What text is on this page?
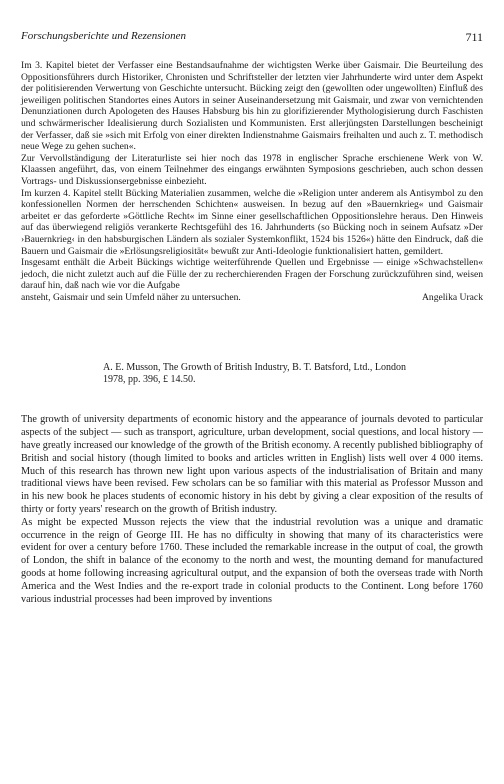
Forschungsberichte und Rezensionen	711

Im 3. Kapitel bietet der Verfasser eine Bestandsaufnahme der wichtigsten Werke über Gaismair. Die Beurteilung des Oppositionsführers durch Historiker, Chronisten und Schriftsteller der letzten vier Jahrhunderte wird unter dem Aspekt der politisierenden Verwertung von Geschichte untersucht. Bücking zeigt den (gewollten oder ungewollten) Einfluß des jeweiligen politischen Standortes eines Autors in seiner Auseinandersetzung mit Gaismair, und zwar von vernichtenden Denunziationen durch Apologeten des Hauses Habsburg bis hin zu glorifizierender Mythologisierung durch Faschisten und schwärmerischer Idealisierung durch Sozialisten und Kommunisten. Erst allerjüngsten Darstellungen bescheinigt der Verfasser, daß sie »sich mit Erfolg von einer direkten Indienstnahme Gaismairs freihalten und auch z. T. methodisch neue Wege zu gehen suchen«.

Zur Vervollständigung der Literaturliste sei hier noch das 1978 in englischer Sprache erschienene Werk von W. Klaassen angeführt, das, von einem Teilnehmer des eingangs erwähnten Symposions geschrieben, auch schon dessen Vortrags- und Diskussionsergebnisse einbezieht.

Im kurzen 4. Kapitel stellt Bücking Materialien zusammen, welche die »Religion unter anderem als Antisymbol zu den konfessionellen Normen der herrschenden Schichten« ausweisen. In bezug auf den »Bauernkrieg« und Gaismair arbeitet er das geforderte »Göttliche Recht« im Sinne einer gesellschaftlichen Oppositionslehre heraus. Den Hinweis auf das überwiegend religiös verankerte Rechtsgefühl des 16. Jahrhunderts (so Bücking noch in seinem Aufsatz »Der ›Bauernkrieg‹ in den habsburgischen Ländern als sozialer Systemkonflikt, 1524 bis 1526«) hätte den Eindruck, daß die Bauern und Gaismair die »Erlösungsreligiosität« bewußt zur Anti-Ideologie funktionalisiert hatten, gemildert.

Insgesamt enthält die Arbeit Bückings wichtige weiterführende Quellen und Ergebnisse — einige »Schwachstellen« jedoch, die nicht zuletzt auch auf die Fülle der zu recherchierenden Fragen der Forschung zurückzuführen sind, weisen darauf hin, daß nach wie vor die Aufgabe

ansteht, Gaismair und sein Umfeld näher zu untersuchen.	Angelika Urack

A. E. Musson, The Growth of British Industry, B. T. Batsford, Ltd., London
1978, pp. 396, £ 14.50.

The growth of university departments of economic history and the appearance of journals devoted to particular aspects of the subject — such as transport, agriculture, urban development, social questions, and local history — have greatly increased our knowledge of the growth of the British economy. A recently published bibliography of British and social history (though limited to books and articles written in English) lists well over 4 000 items. Much of this research has thrown new light upon various aspects of the industrialisation of Britain and many traditional views have been revised. Few scholars can be so familiar with this material as Professor Musson and in his new book he places students of economic history in his debt by giving a clear exposition of the results of thirty or forty years' research on the growth of British industry.

As might be expected Musson rejects the view that the industrial revolution was a unique and dramatic occurrence in the reign of George III. He has no difficulty in showing that many of its characteristics were evident for over a century before 1760. These included the remarkable increase in the output of coal, the growth of London, the shift in balance of the economy to the north and west, the mounting demand for manufactured goods at home following increasing agricultural output, and the expansion of both the overseas trade with North America and the West Indies and the re-export trade in colonial products to the Continent. Long before 1760 various industrial processes had been improved by inventions
